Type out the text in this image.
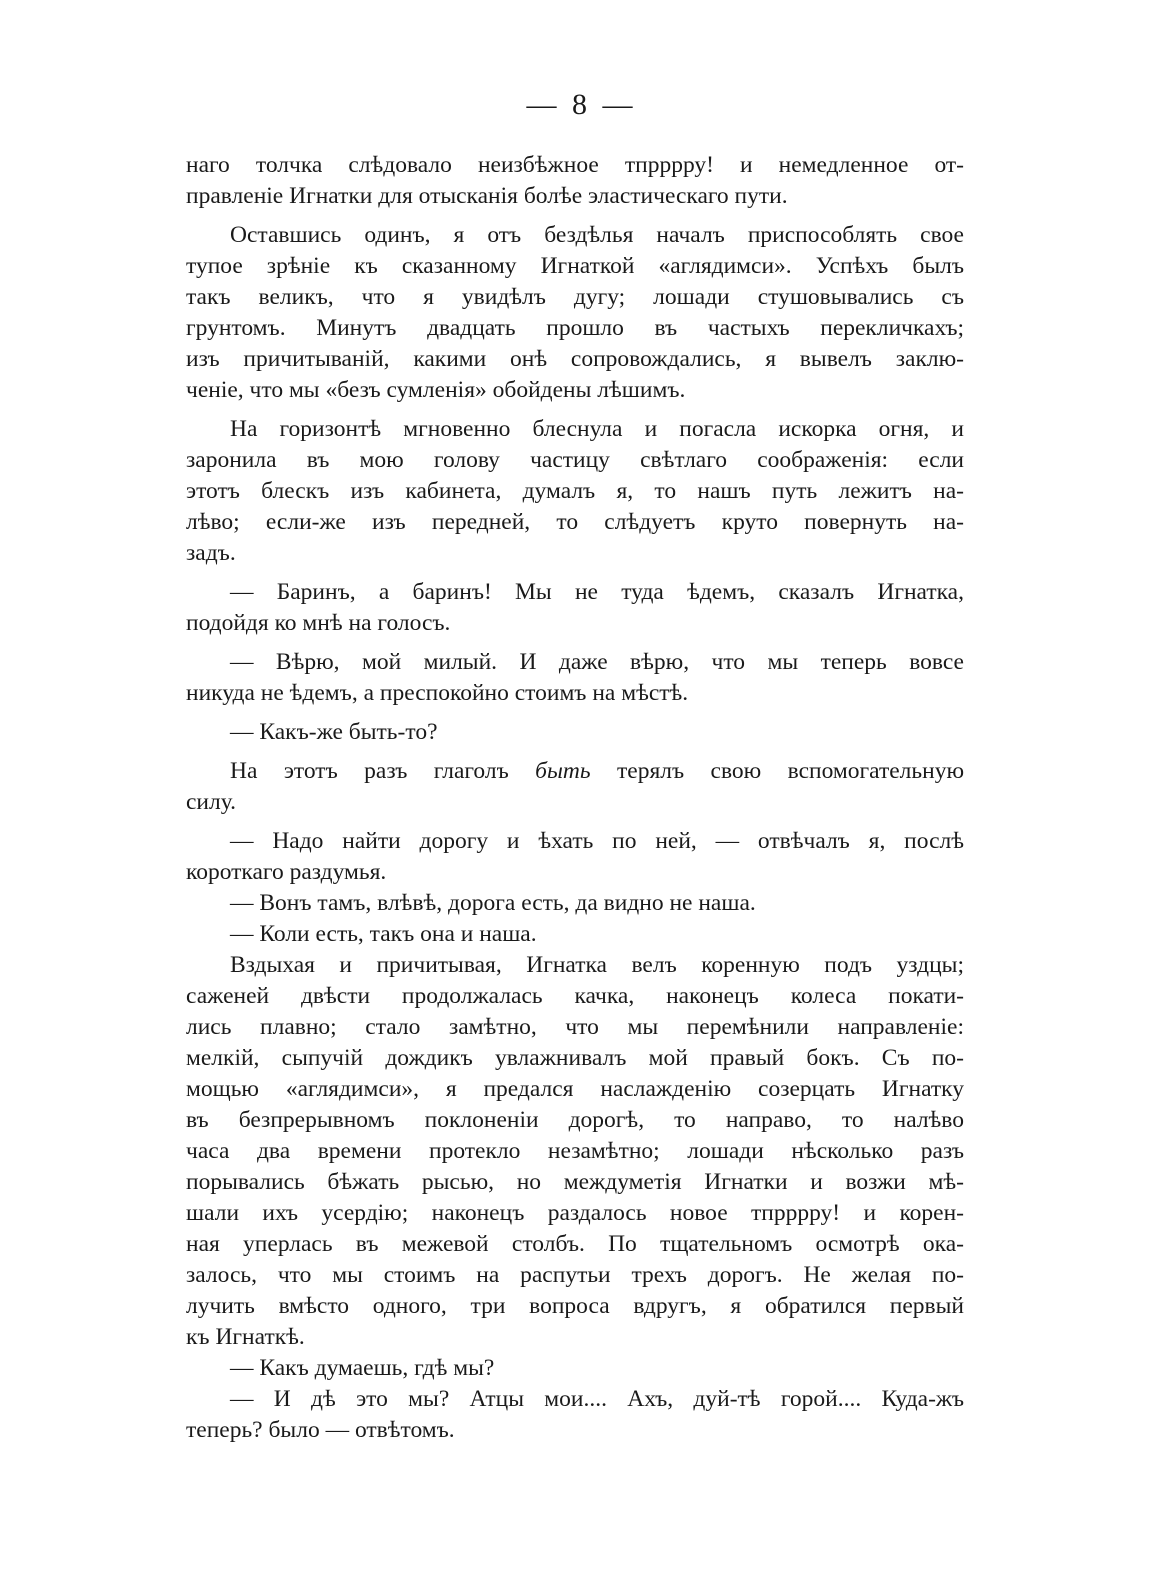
— 8 —
наго толчка слѣдовало неизбѣжное тпрррру! и немедленное от-
правленіе Игнатки для отысканія болѣе эластическаго пути.
Оставшись одинъ, я отъ бездѣлья началъ приспособлять свое
тупое зрѣніе къ сказанному Игнаткой «аглядимси». Успѣхъ былъ
такъ великъ, что я увидѣлъ дугу; лошади стушовывались съ
грунтомъ. Минутъ двадцать прошло въ частыхъ перекличкахъ;
изъ причитываній, какими онѣ сопровождались, я вывелъ заклю-
ченіе, что мы «безъ сумленія» обойдены лѣшимъ.
На горизонтѣ мгновенно блеснула и погасла искорка огня, и
заронила въ мою голову частицу свѣтлаго соображенія: если
этотъ блескъ изъ кабинета, думалъ я, то нашъ путь лежитъ на-
лѣво; если-же изъ передней, то слѣдуетъ круто повернуть на-
задъ.
— Баринъ, а баринъ! Мы не туда ѣдемъ, сказалъ Игнатка,
подойдя ко мнѣ на голосъ.
— Вѣрю, мой милый. И даже вѣрю, что мы теперь вовсе
никуда не ѣдемъ, а преспокойно стоимъ на мѣстѣ.
— Какъ-же быть-то?
На этотъ разъ глаголъ быть терялъ свою вспомогательную
силу.
— Надо найти дорогу и ѣхать по ней, — отвѣчалъ я, послѣ
короткаго раздумья.
— Вонъ тамъ, влѣвѣ, дорога есть, да видно не наша.
— Коли есть, такъ она и наша.
Вздыхая и причитывая, Игнатка велъ коренную подъ уздцы;
саженей двѣсти продолжалась качка, наконецъ колеса покати-
лись плавно; стало замѣтно, что мы перемѣнили направленіе:
мелкій, сыпучій дождикъ увлажнивалъ мой правый бокъ. Съ по-
мощью «аглядимси», я предался наслажденію созерцать Игнатку
въ безпрерывномъ поклоненіи дорогѣ, то направо, то налѣво
часа два времени протекло незамѣтно; лошади нѣсколько разъ
порывались бѣжать рысью, но междуметія Игнатки и возжи мѣ-
шали ихъ усердію; наконецъ раздалось новое тпрррру! и корен-
ная уперлась въ межевой столбъ. По тщательномъ осмотрѣ ока-
залось, что мы стоимъ на распутьи трехъ дорогъ. Не желая по-
лучить вмѣсто одного, три вопроса вдругъ, я обратился первый
къ Игнаткѣ.
— Какъ думаешь, гдѣ мы?
— И дѣ это мы? Атцы мои.... Ахъ, дуй-тѣ горой.... Куда-жъ
теперь? было — отвѣтомъ.
